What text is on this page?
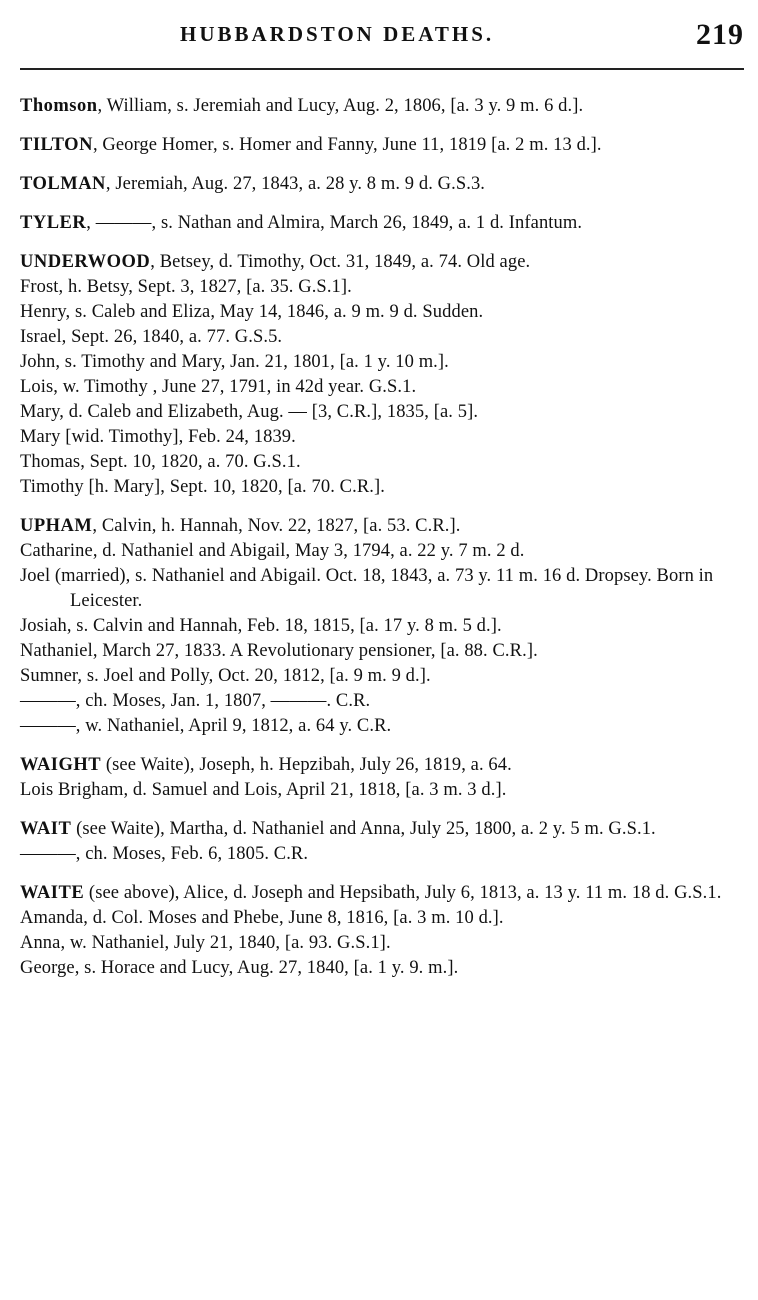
HUBBARDSTON DEATHS.	219

Thomson, William, s. Jeremiah and Lucy, Aug. 2, 1806, [a. 3 y. 9 m. 6 d.].

TILTON, George Homer, s. Homer and Fanny, June 11, 1819 [a. 2 m. 13 d.].

TOLMAN, Jeremiah, Aug. 27, 1843, a. 28 y. 8 m. 9 d. G.S.3.

TYLER, ———, s. Nathan and Almira, March 26, 1849, a. 1 d. Infantum.

UNDERWOOD, Betsey, d. Timothy, Oct. 31, 1849, a. 74. Old age.

Frost, h. Betsy, Sept. 3, 1827, [a. 35. G.S.1].

Henry, s. Caleb and Eliza, May 14, 1846, a. 9 m. 9 d. Sudden.

Israel, Sept. 26, 1840, a. 77. G.S.5.

John, s. Timothy and Mary, Jan. 21, 1801, [a. 1 y. 10 m.].

Lois, w. Timothy , June 27, 1791, in 42d year. G.S.1.

Mary, d. Caleb and Elizabeth, Aug. — [3, C.R.], 1835, [a. 5].

Mary [wid. Timothy], Feb. 24, 1839.

Thomas, Sept. 10, 1820, a. 70. G.S.1.

Timothy [h. Mary], Sept. 10, 1820, [a. 70. C.R.].

UPHAM, Calvin, h. Hannah, Nov. 22, 1827, [a. 53. C.R.].

Catharine, d. Nathaniel and Abigail, May 3, 1794, a. 22 y. 7 m. 2 d.

Joel (married), s. Nathaniel and Abigail. Oct. 18, 1843, a. 73 y. 11 m. 16 d. Dropsey. Born in Leicester.

Josiah, s. Calvin and Hannah, Feb. 18, 1815, [a. 17 y. 8 m. 5 d.].

Nathaniel, March 27, 1833. A Revolutionary pensioner, [a. 88. C.R.].

Sumner, s. Joel and Polly, Oct. 20, 1812, [a. 9 m. 9 d.].

———, ch. Moses, Jan. 1, 1807, ———. C.R.

———, w. Nathaniel, April 9, 1812, a. 64 y. C.R.

WAIGHT (see Waite), Joseph, h. Hepzibah, July 26, 1819, a. 64.

Lois Brigham, d. Samuel and Lois, April 21, 1818, [a. 3 m. 3 d.].

WAIT (see Waite), Martha, d. Nathaniel and Anna, July 25, 1800, a. 2 y. 5 m. G.S.1.

———, ch. Moses, Feb. 6, 1805. C.R.

WAITE (see above), Alice, d. Joseph and Hepsibath, July 6, 1813, a. 13 y. 11 m. 18 d. G.S.1.

Amanda, d. Col. Moses and Phebe, June 8, 1816, [a. 3 m. 10 d.].

Anna, w. Nathaniel, July 21, 1840, [a. 93. G.S.1].

George, s. Horace and Lucy, Aug. 27, 1840, [a. 1 y. 9. m.].
